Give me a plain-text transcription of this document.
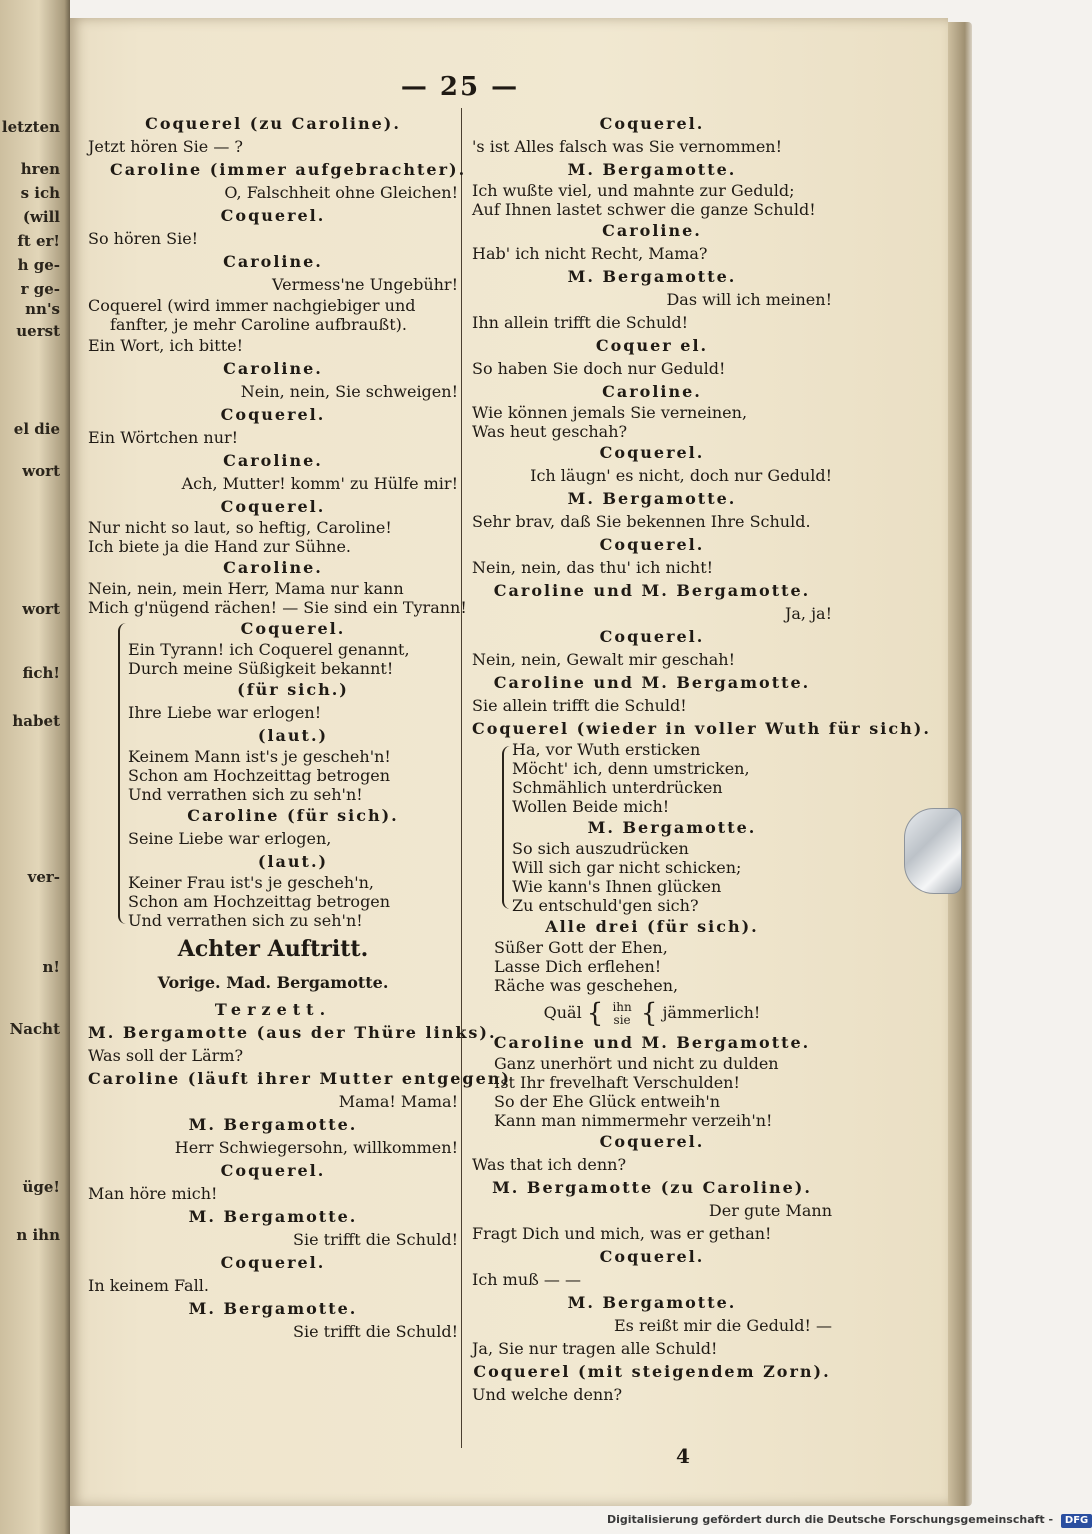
letzten
hren
s ich
(will
ft er!
h ge-
r ge-
nn's
uerst
el die
wort
wort
fich!
habet
ver-
n!
Nacht
üge!
n ihn
— 25 —
Coquerel (zu Caroline).
Jetzt hören Sie — ?
Caroline (immer aufgebrachter).
O, Falschheit ohne Gleichen!
Coquerel.
So hören Sie!
Caroline.
Vermess'ne Ungebühr!
Coquerel (wird immer nachgiebiger und
fanfter, je mehr Caroline aufbraußt).
Ein Wort, ich bitte!
Caroline.
Nein, nein, Sie schweigen!
Coquerel.
Ein Wörtchen nur!
Caroline.
Ach, Mutter! komm' zu Hülfe mir!
Coquerel.
Nur nicht so laut, so heftig, Caroline!
Ich biete ja die Hand zur Sühne.
Caroline.
Nein, nein, mein Herr, Mama nur kann
Mich g'nügend rächen! — Sie sind ein Tyrann!
Coquerel.
Ein Tyrann! ich Coquerel genannt,
Durch meine Süßigkeit bekannt!
(für sich.)
Ihre Liebe war erlogen!
(laut.)
Keinem Mann ist's je gescheh'n!
Schon am Hochzeittag betrogen
Und verrathen sich zu seh'n!
Caroline (für sich).
Seine Liebe war erlogen,
(laut.)
Keiner Frau ist's je gescheh'n,
Schon am Hochzeittag betrogen
Und verrathen sich zu seh'n!
Achter Auftritt.
Vorige. Mad. Bergamotte.
Terzett.
M. Bergamotte (aus der Thüre links).
Was soll der Lärm?
Caroline (läuft ihrer Mutter entgegen)
Mama! Mama!
M. Bergamotte.
Herr Schwiegersohn, willkommen!
Coquerel.
Man höre mich!
M. Bergamotte.
Sie trifft die Schuld!
Coquerel.
In keinem Fall.
M. Bergamotte.
Sie trifft die Schuld!
Coquerel.
's ist Alles falsch was Sie vernommen!
M. Bergamotte.
Ich wußte viel, und mahnte zur Geduld;
Auf Ihnen lastet schwer die ganze Schuld!
Caroline.
Hab' ich nicht Recht, Mama?
M. Bergamotte.
Das will ich meinen!
Ihn allein trifft die Schuld!
Coquer el.
So haben Sie doch nur Geduld!
Caroline.
Wie können jemals Sie verneinen,
Was heut geschah?
Coquerel.
Ich läugn' es nicht, doch nur Geduld!
M. Bergamotte.
Sehr brav, daß Sie bekennen Ihre Schuld.
Coquerel.
Nein, nein, das thu' ich nicht!
Caroline und M. Bergamotte.
Ja, ja!
Coquerel.
Nein, nein, Gewalt mir geschah!
Caroline und M. Bergamotte.
Sie allein trifft die Schuld!
Coquerel (wieder in voller Wuth für sich).
Ha, vor Wuth ersticken
Möcht' ich, denn umstricken,
Schmählich unterdrücken
Wollen Beide mich!
M. Bergamotte.
So sich auszudrücken
Will sich gar nicht schicken;
Wie kann's Ihnen glücken
Zu entschuld'gen sich?
Alle drei (für sich).
Süßer Gott der Ehen,
Lasse Dich erflehen!
Räche was geschehen,
Quäl { ihn
sie { jämmerlich!
Caroline und M. Bergamotte.
Ganz unerhört und nicht zu dulden
Ist Ihr frevelhaft Verschulden!
So der Ehe Glück entweih'n
Kann man nimmermehr verzeih'n!
Coquerel.
Was that ich denn?
M. Bergamotte (zu Caroline).
Der gute Mann
Fragt Dich und mich, was er gethan!
Coquerel.
Ich muß — —
M. Bergamotte.
Es reißt mir die Geduld! —
Ja, Sie nur tragen alle Schuld!
Coquerel (mit steigendem Zorn).
Und welche denn?
4
Digitalisierung gefördert durch die Deutsche Forschungsgemeinschaft - DFG
